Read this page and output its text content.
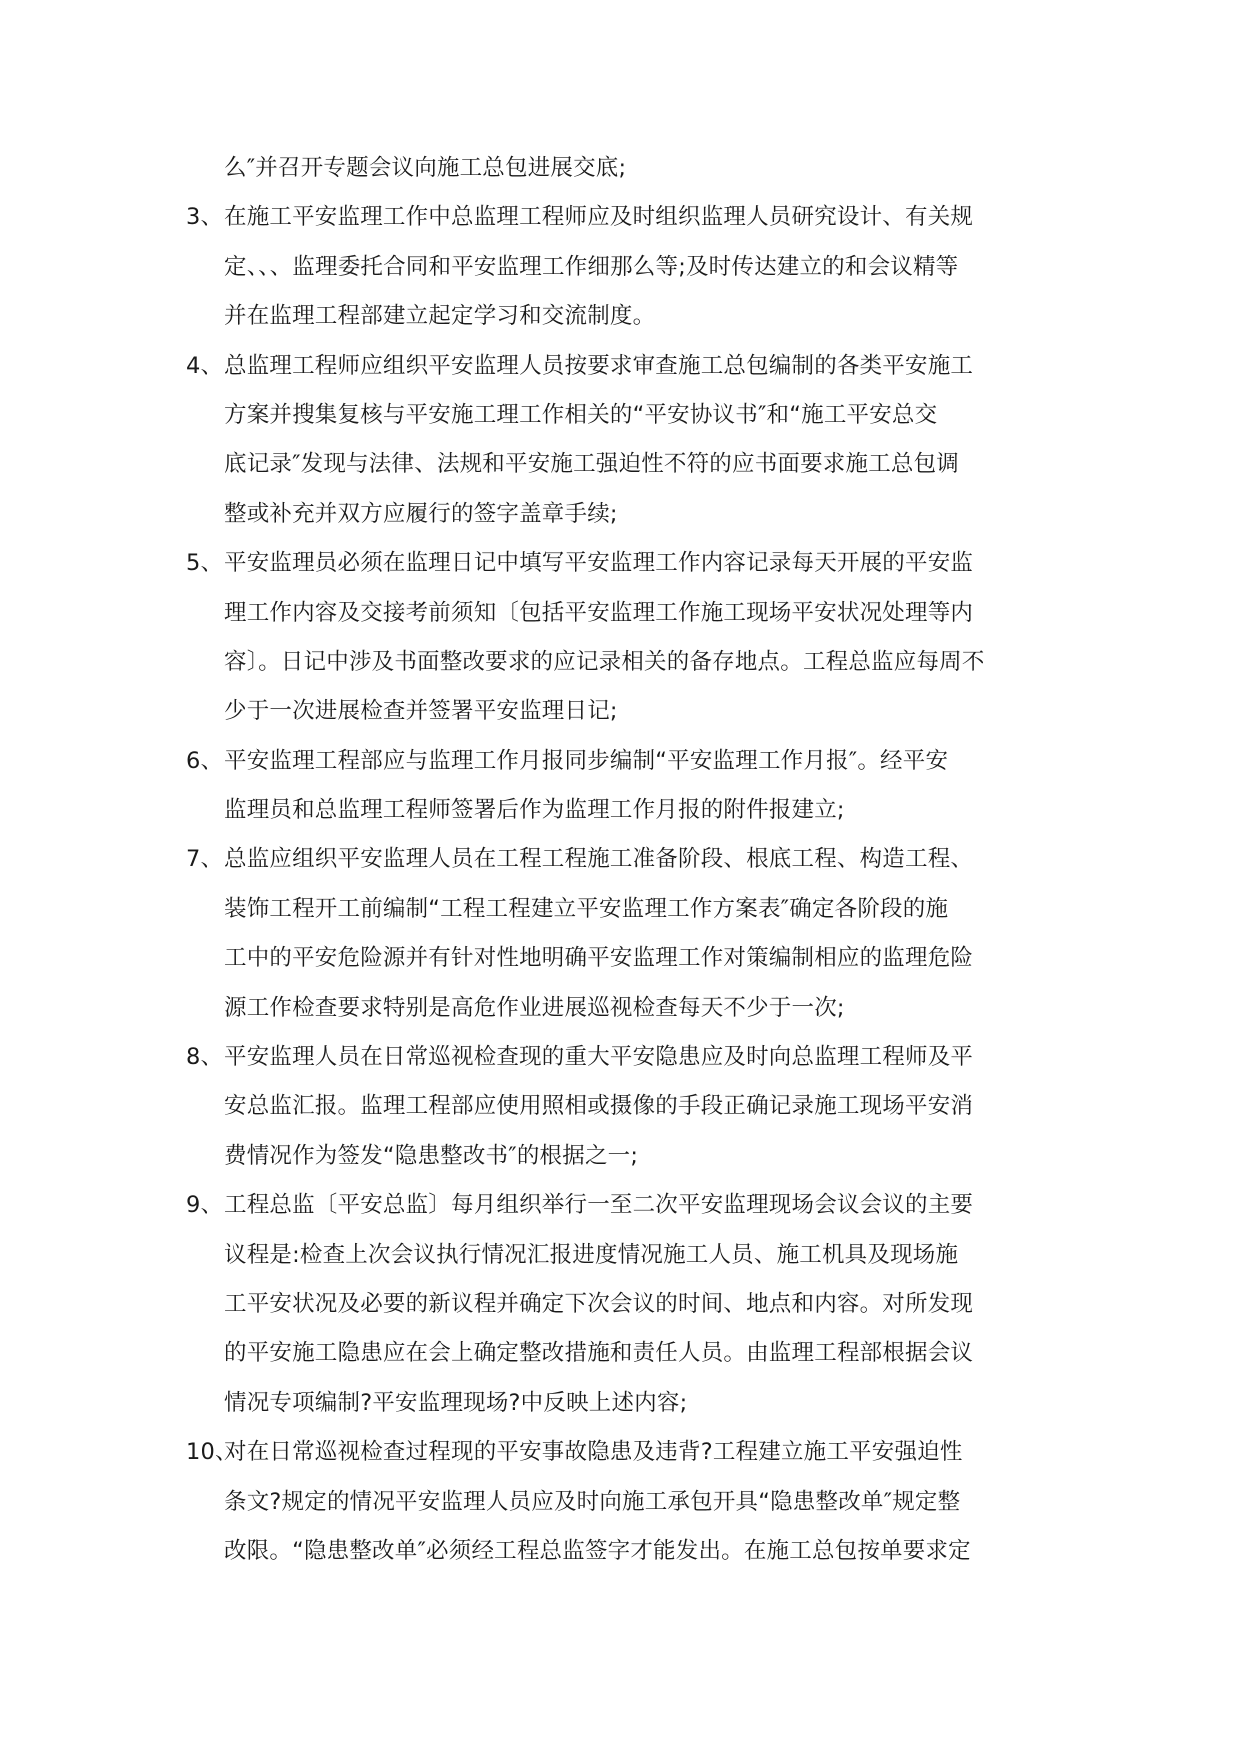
么″并召开专题会议向施工总包进展交底;
3、 在施工平安监理工作中总监理工程师应及时组织监理人员研究设计、有关规
定、、、监理委托合同和平安监理工作细那么等;及时传达建立的和会议精等
并在监理工程部建立起定学习和交流制度。
4、 总监理工程师应组织平安监理人员按要求审查施工总包编制的各类平安施工
方案并搜集复核与平安施工理工作相关的“平安协议书″和“施工平安总交
底记录″发现与法律、法规和平安施工强迫性不符的应书面要求施工总包调
整或补充并双方应履行的签字盖章手续;
5、 平安监理员必须在监理日记中填写平安监理工作内容记录每天开展的平安监
理工作内容及交接考前须知〔包括平安监理工作施工现场平安状况处理等内
容〕。日记中涉及书面整改要求的应记录相关的备存地点。工程总监应每周不
少于一次进展检查并签署平安监理日记;
6、 平安监理工程部应与监理工作月报同步编制“平安监理工作月报″。经平安
监理员和总监理工程师签署后作为监理工作月报的附件报建立;
7、 总监应组织平安监理人员在工程工程施工准备阶段、根底工程、构造工程、
装饰工程开工前编制“工程工程建立平安监理工作方案表″确定各阶段的施
工中的平安危险源并有针对性地明确平安监理工作对策编制相应的监理危险
源工作检查要求特别是高危作业进展巡视检查每天不少于一次;
8、 平安监理人员在日常巡视检查现的重大平安隐患应及时向总监理工程师及平
安总监汇报。监理工程部应使用照相或摄像的手段正确记录施工现场平安消
费情况作为签发“隐患整改书″的根据之一;
9、 工程总监〔平安总监〕每月组织举行一至二次平安监理现场会议会议的主要
议程是:检查上次会议执行情况汇报进度情况施工人员、施工机具及现场施
工平安状况及必要的新议程并确定下次会议的时间、地点和内容。对所发现
的平安施工隐患应在会上确定整改措施和责任人员。由监理工程部根据会议
情况专项编制?平安监理现场?中反映上述内容;
10、
对在日常巡视检查过程现的平安事故隐患及违背?工程建立施工平安强迫性
条文?规定的情况平安监理人员应及时向施工承包开具“隐患整改单″规定整
改限。“隐患整改单″必须经工程总监签字才能发出。在施工总包按单要求定
